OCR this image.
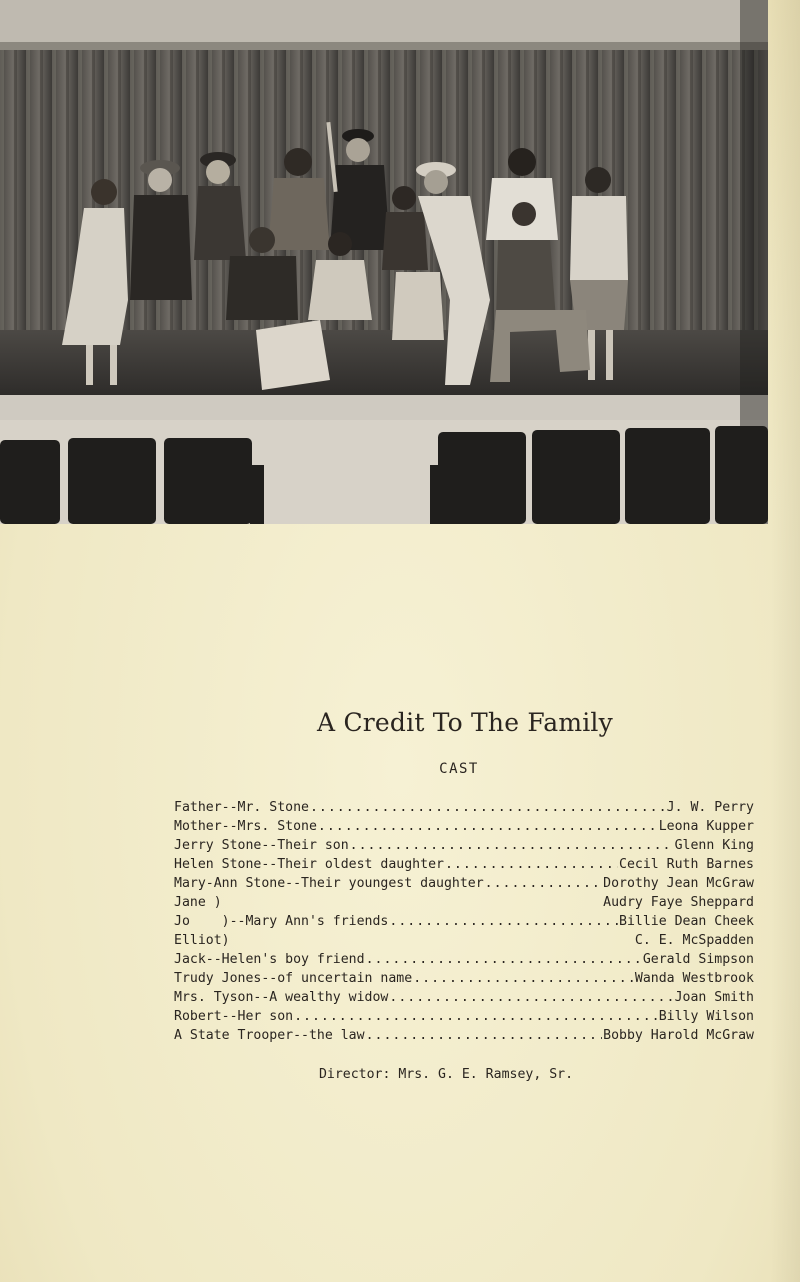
A Credit To The Family
CAST
Father--Mr. Stone .....	J. W. Perry
Mother--Mrs. Stone .....	Leona Kupper
Jerry Stone--Their son .....	Glenn King
Helen Stone--Their oldest daughter .....	Cecil Ruth Barnes
Mary-Ann Stone--Their youngest daughter .....	Dorothy Jean McGraw
Jane )	Audry Faye Sheppard
Jo    )--Mary Ann's friends .....	Billie Dean Cheek
Elliot)	C. E. McSpadden
Jack--Helen's boy friend .....	Gerald Simpson
Trudy Jones--of uncertain name .....	Wanda Westbrook
Mrs. Tyson--A wealthy widow .....	Joan Smith
Robert--Her son .....	Billy Wilson
A State Trooper--the law .....	Bobby Harold McGraw
Director: Mrs. G. E. Ramsey, Sr.
